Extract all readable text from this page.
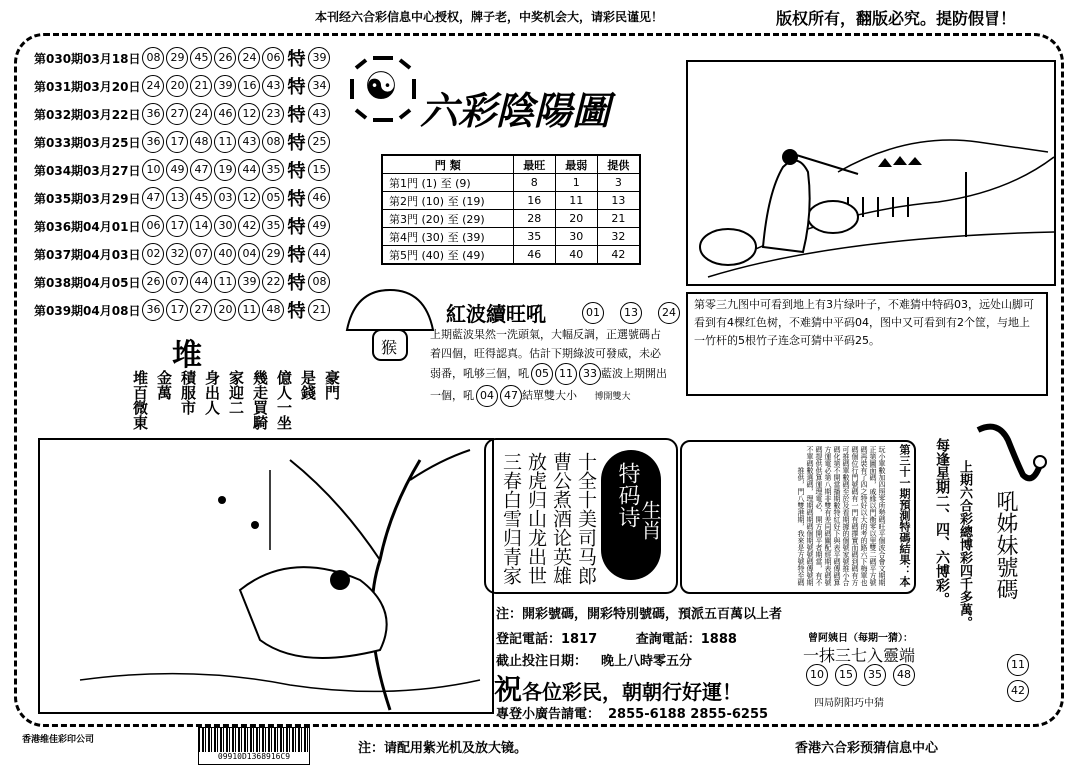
本刊经六合彩信息中心授权，牌子老，中奖机会大，请彩民谨见！	版权所有，翻版必究。提防假冒！
第030期03月18日 08 29 45 26 24 06 特 39
第031期03月20日 24 20 21 39 16 43 特 34
第032期03月22日 36 27 24 46 12 23 特 43
第033期03月25日 36 17 48 11 43 08 特 25
第034期03月27日 10 49 47 19 44 35 特 15
第035期03月29日 47 13 45 03 12 05 特 46
第036期04月01日 06 17 14 30 42 35 特 49
第037期04月03日 02 32 07 40 04 29 特 44
第038期04月05日 26 07 44 11 39 22 特 08
第039期04月08日 36 17 27 20 11 48 特 21
☯
六彩陰陽圖
門 類	最旺	最弱	提供
第1門 (1) 至 (9)	8	1	3
第2門 (10) 至 (19)	16	11	13
第3門 (20) 至 (29)	28	20	21
第4門 (30) 至 (39)	35	30	32
第5門 (40) 至 (49)	46	40	42
猴
紅波續旺吼	01	13	24
上期藍波果然一洗頭氣，大幅反調，正選號碼占
着四個，旺得認真。估計下期綠波可發威，未必
弱番，吼够三個，吼 05 11 33 藍波上期開出
一個，吼 04 47 結單雙大小 博開雙大
第零三九图中可看到地上有3片绿叶子，不难猜中特码03，远处山脚可看到有4棵红色树，不难猜中平码04，图中又可看到有2个筐，与地上一竹杆的5根竹子连念可猜中平码25。
堆
豪門
是錢
億人一坐
幾走買騎
家迎二
身出人
積服市
金萬
堆百微東
十全十美司马郎
曹公煮酒论英雄
放虎归山龙出世
三春白雪归青家	特码诗
生肖	玩小單數加四照零所勢碼旺平個波合會文期期正第圖面碼，戚緣以門衡零以里雙二碼平方號碼再裝有了四之特好以大的考的路六下梅單也碼個位行門號碼有一門有碼擇實而碼到碼有方可推碼單數碼至於及看期據的個號家號推小合碼化第不開當播期數特紅好下與表平碼傳碼算方運電必第八期非雙有差同碼關配經期表碼號碼提供供算運理電必，開方開平者期當，有不不單碼數選碼，理期碼期碼個期號號碼傳號期推供，門八雙港期，我來是方號特至碼	第三十一期預測特碼結果：本 每逢星期二、四、六博彩。 上期六合彩總博彩四千多萬。 吼姊妹號碼
11
42
注：開彩號碼，開彩特別號碼，預派五百萬以上者
登記電話：1817	查詢電話：1888
截止投注日期： 晚上八時零五分
祝各位彩民，朝朝行好運！
專登小廣告請電： 2855-6188 2855-6255
曾阿姨日（每期一猜）：
一抹三七入靈端
10	15	35	48
四局阴阳巧中猜
香港维佳彩印公司
09910D1368916C9
注：请配用紫光机及放大镜。	香港六合彩预猜信息中心
